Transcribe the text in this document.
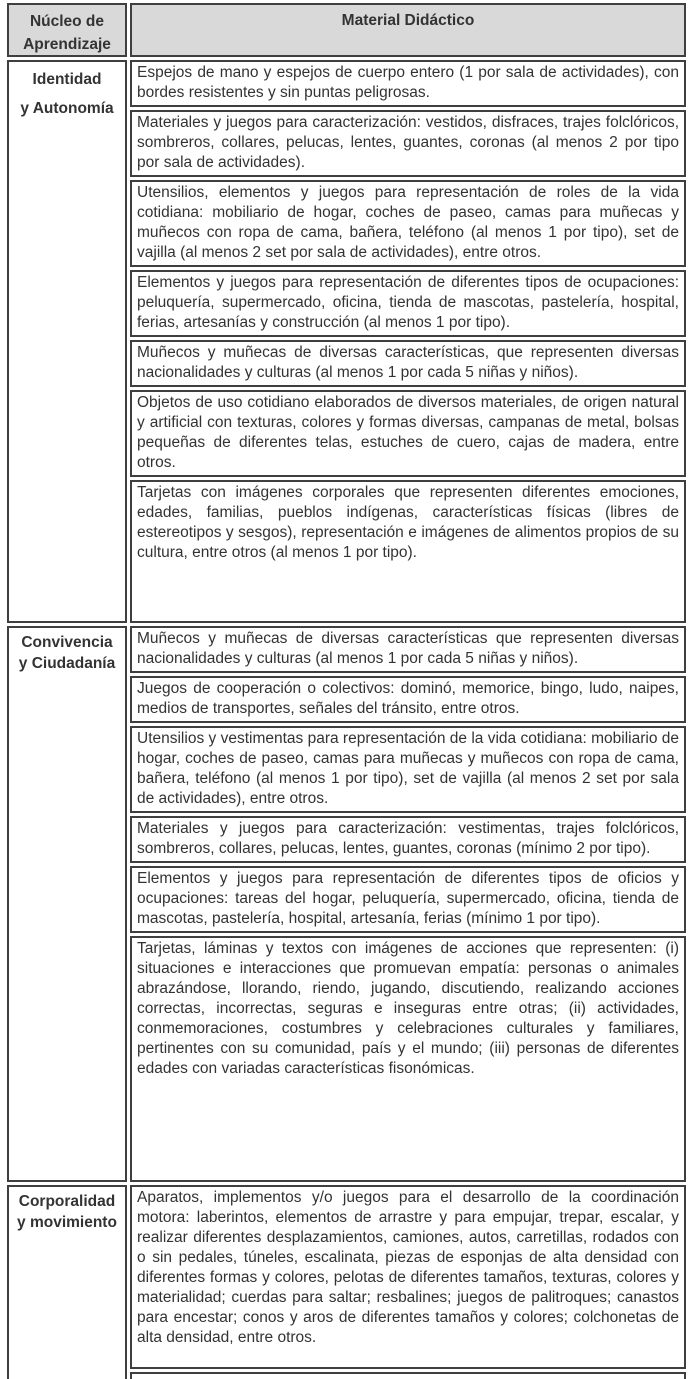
Núcleo de
Aprendizaje
Material Didáctico
Identidad
y Autonomía
Espejos de mano y espejos de cuerpo entero (1 por sala de actividades), con bordes resistentes y sin puntas peligrosas.
Materiales y juegos para caracterización: vestidos, disfraces, trajes folclóricos, sombreros, collares, pelucas, lentes, guantes, coronas (al menos 2 por tipo por sala de actividades).
Utensilios, elementos y juegos para representación de roles de la vida cotidiana: mobiliario de hogar, coches de paseo, camas para muñecas y muñecos con ropa de cama, bañera, teléfono (al menos 1 por tipo), set de vajilla (al menos 2 set por sala de actividades), entre otros.
Elementos y juegos para representación de diferentes tipos de ocupaciones: peluquería, supermercado, oficina, tienda de mascotas, pastelería, hospital, ferias, artesanías y construcción (al menos 1 por tipo).
Muñecos y muñecas de diversas características, que representen diversas nacionalidades y culturas (al menos 1 por cada 5 niñas y niños).
Objetos de uso cotidiano elaborados de diversos materiales, de origen natural y artificial con texturas, colores y formas diversas, campanas de metal, bolsas pequeñas de diferentes telas, estuches de cuero, cajas de madera, entre otros.
Tarjetas con imágenes corporales que representen diferentes emociones, edades, familias, pueblos indígenas, características físicas (libres de estereotipos y sesgos), representación e imágenes de alimentos propios de su cultura, entre otros (al menos 1 por tipo).
Convivencia
y Ciudadanía
Muñecos y muñecas de diversas características que representen diversas nacionalidades y culturas (al menos 1 por cada 5 niñas y niños).
Juegos de cooperación o colectivos: dominó, memorice, bingo, ludo, naipes, medios de transportes, señales del tránsito, entre otros.
Utensilios y vestimentas para representación de la vida cotidiana: mobiliario de hogar, coches de paseo, camas para muñecas y muñecos con ropa de cama, bañera, teléfono (al menos 1 por tipo), set de vajilla (al menos 2 set por sala de actividades), entre otros.
Materiales y juegos para caracterización: vestimentas, trajes folclóricos, sombreros, collares, pelucas, lentes, guantes, coronas (mínimo 2 por tipo).
Elementos y juegos para representación de diferentes tipos de oficios y ocupaciones: tareas del hogar, peluquería, supermercado, oficina, tienda de mascotas, pastelería, hospital, artesanía, ferias (mínimo 1 por tipo).
Tarjetas, láminas y textos con imágenes de acciones que representen: (i) situaciones e interacciones que promuevan empatía: personas o animales abrazándose, llorando, riendo, jugando, discutiendo, realizando acciones correctas, incorrectas, seguras e inseguras entre otras; (ii) actividades, conmemoraciones, costumbres y celebraciones culturales y familiares, pertinentes con su comunidad, país y el mundo; (iii) personas de diferentes edades con variadas características fisonómicas.
Corporalidad
y movimiento
Aparatos, implementos y/o juegos para el desarrollo de la coordinación motora: laberintos, elementos de arrastre y para empujar, trepar, escalar, y realizar diferentes desplazamientos, camiones, autos, carretillas, rodados con o sin pedales, túneles, escalinata, piezas de esponjas de alta densidad con diferentes formas y colores, pelotas de diferentes tamaños, texturas, colores y materialidad; cuerdas para saltar; resbalines; juegos de palitroques; canastos para encestar; conos y aros de diferentes tamaños y colores; colchonetas de alta densidad, entre otros.
